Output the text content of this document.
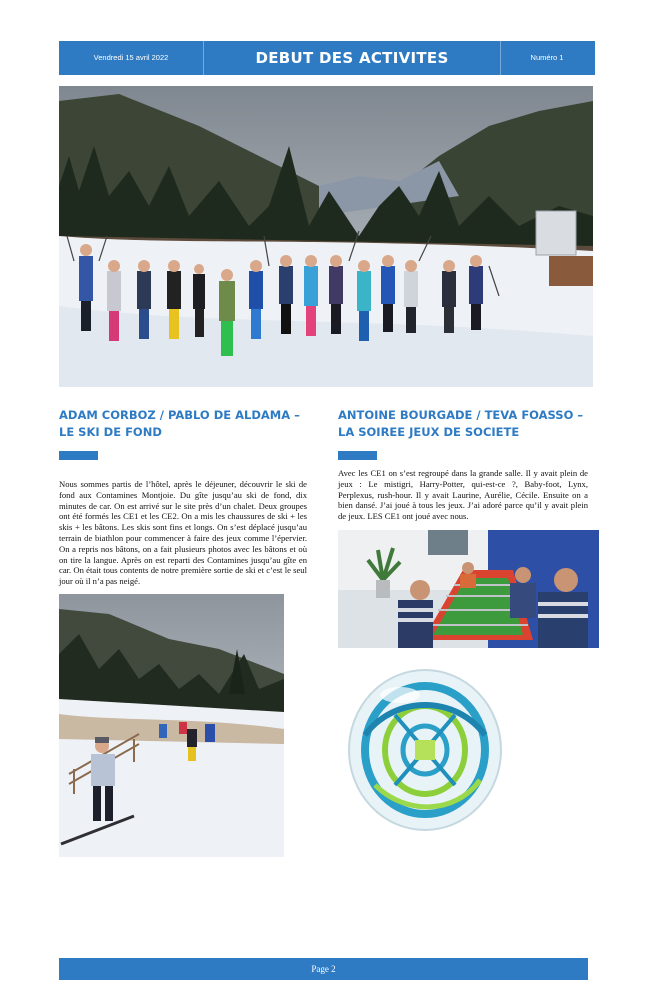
Vendredi 15 avril 2022	DEBUT DES ACTIVITES	Numéro 1
ADAM CORBOZ / PABLO DE ALDAMA – LE SKI DE FOND

Nous sommes partis de l’hôtel, après le déjeuner, découvrir le ski de fond aux Contamines Montjoie. Du gîte jusqu’au ski de fond, dix minutes de car. On est arrivé sur le site près d’un chalet. Deux groupes ont été formés les CE1 et les CE2. On a mis les chaussures de ski + les skis + les bâtons. Les skis sont fins et longs. On s’est déplacé jusqu’au terrain de biathlon pour commencer à faire des jeux comme l’épervier. On a repris nos bâtons, on a fait plusieurs photos avec les bâtons et où on tire la langue. Après on est reparti des Contamines jusqu’au gîte en car. On était tous contents de notre première sortie de ski et c’est le seul jour où il n’a pas neigé.

ANTOINE BOURGADE / TEVA FOASSO – LA SOIREE JEUX DE SOCIETE

Avec les CE1 on s’est regroupé dans la grande salle. Il y avait plein de jeux : Le mistigri, Harry-Potter, qui-est-ce ?, Baby-foot, Lynx, Perplexus, rush-hour. Il y avait Laurine, Aurélie, Cécile. Ensuite on a bien dansé. J’ai joué à tous les jeux. J’ai adoré parce qu’il y avait plein de jeux. LES CE1 ont joué avec nous.

Page 2
